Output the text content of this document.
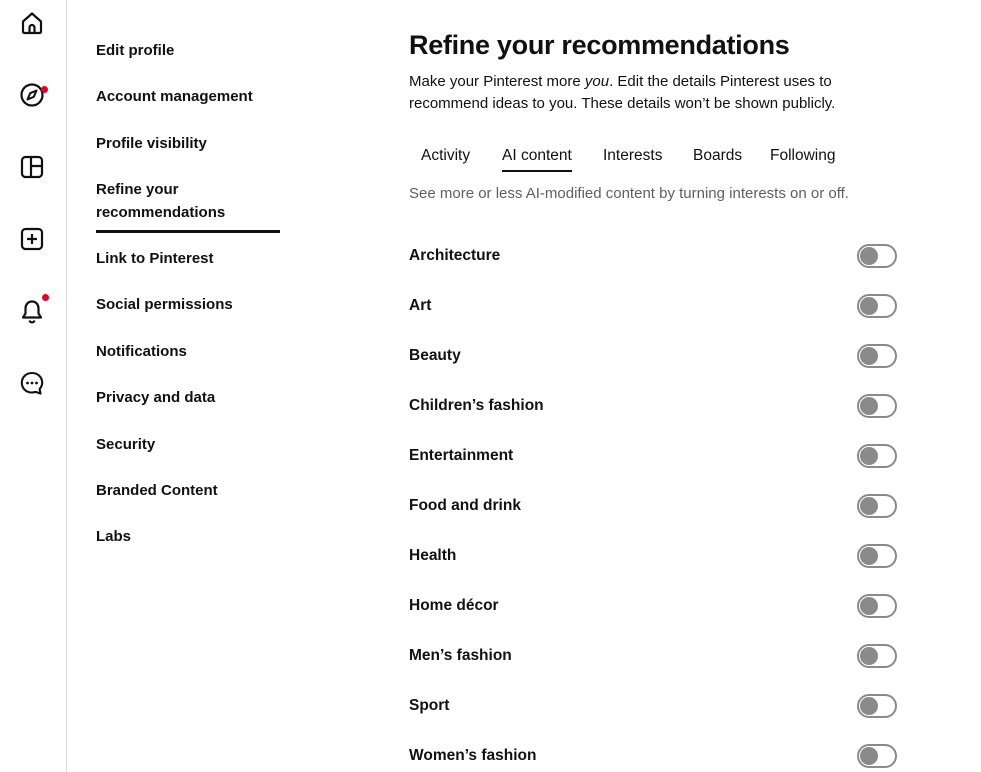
Edit profile
Account management
Profile visibility
Refine your recommendations
Link to Pinterest
Social permissions
Notifications
Privacy and data
Security
Branded Content
Labs
Refine your recommendations

Make your Pinterest more you. Edit the details Pinterest uses to recommend ideas to you. These details won’t be shown publicly.

Activity AI content Interests Boards Following

See more or less AI-modified content by turning interests on or off.

Architecture
Art
Beauty
Children’s fashion
Entertainment
Food and drink
Health
Home décor
Men’s fashion
Sport
Women’s fashion
